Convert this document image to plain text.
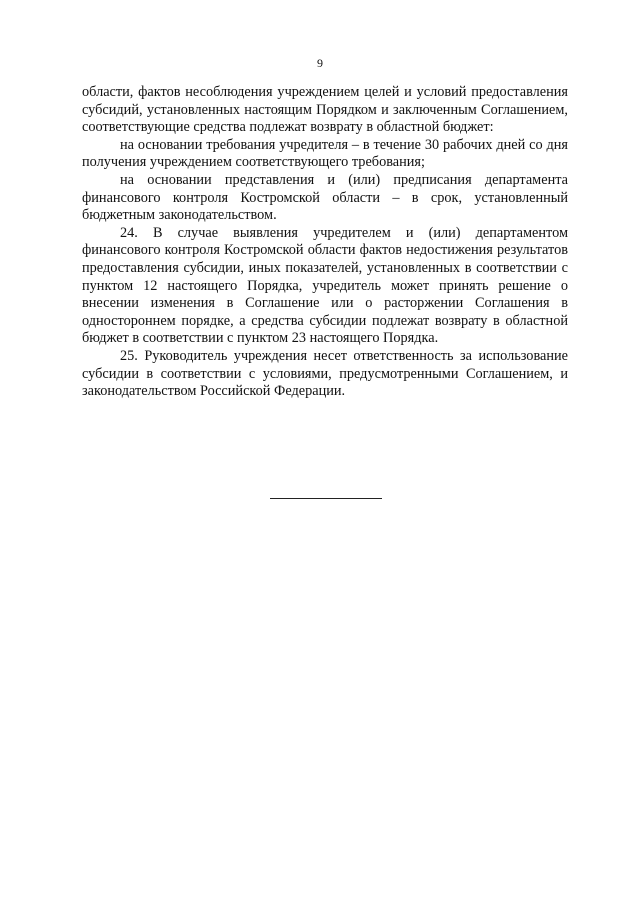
9

области, фактов несоблюдения учреждением целей и условий предоставления субсидий, установленных настоящим Порядком и заключенным Соглашением, соответствующие средства подлежат возврату в областной бюджет:

на основании требования учредителя – в течение 30 рабочих дней со дня получения учреждением соответствующего требования;

на основании представления и (или) предписания департамента финансового контроля Костромской области – в срок, установленный бюджетным законодательством.

24. В случае выявления учредителем и (или) департаментом финансового контроля Костромской области фактов недостижения результатов предоставления субсидии, иных показателей, установленных в соответствии с пунктом 12 настоящего Порядка, учредитель может принять решение о внесении изменения в Соглашение или о расторжении Соглашения в одностороннем порядке, а средства субсидии подлежат возврату в областной бюджет в соответствии с пунктом 23 настоящего Порядка.

25. Руководитель учреждения несет ответственность за использование субсидии в соответствии с условиями, предусмотренными Соглашением, и законодательством Российской Федерации.
